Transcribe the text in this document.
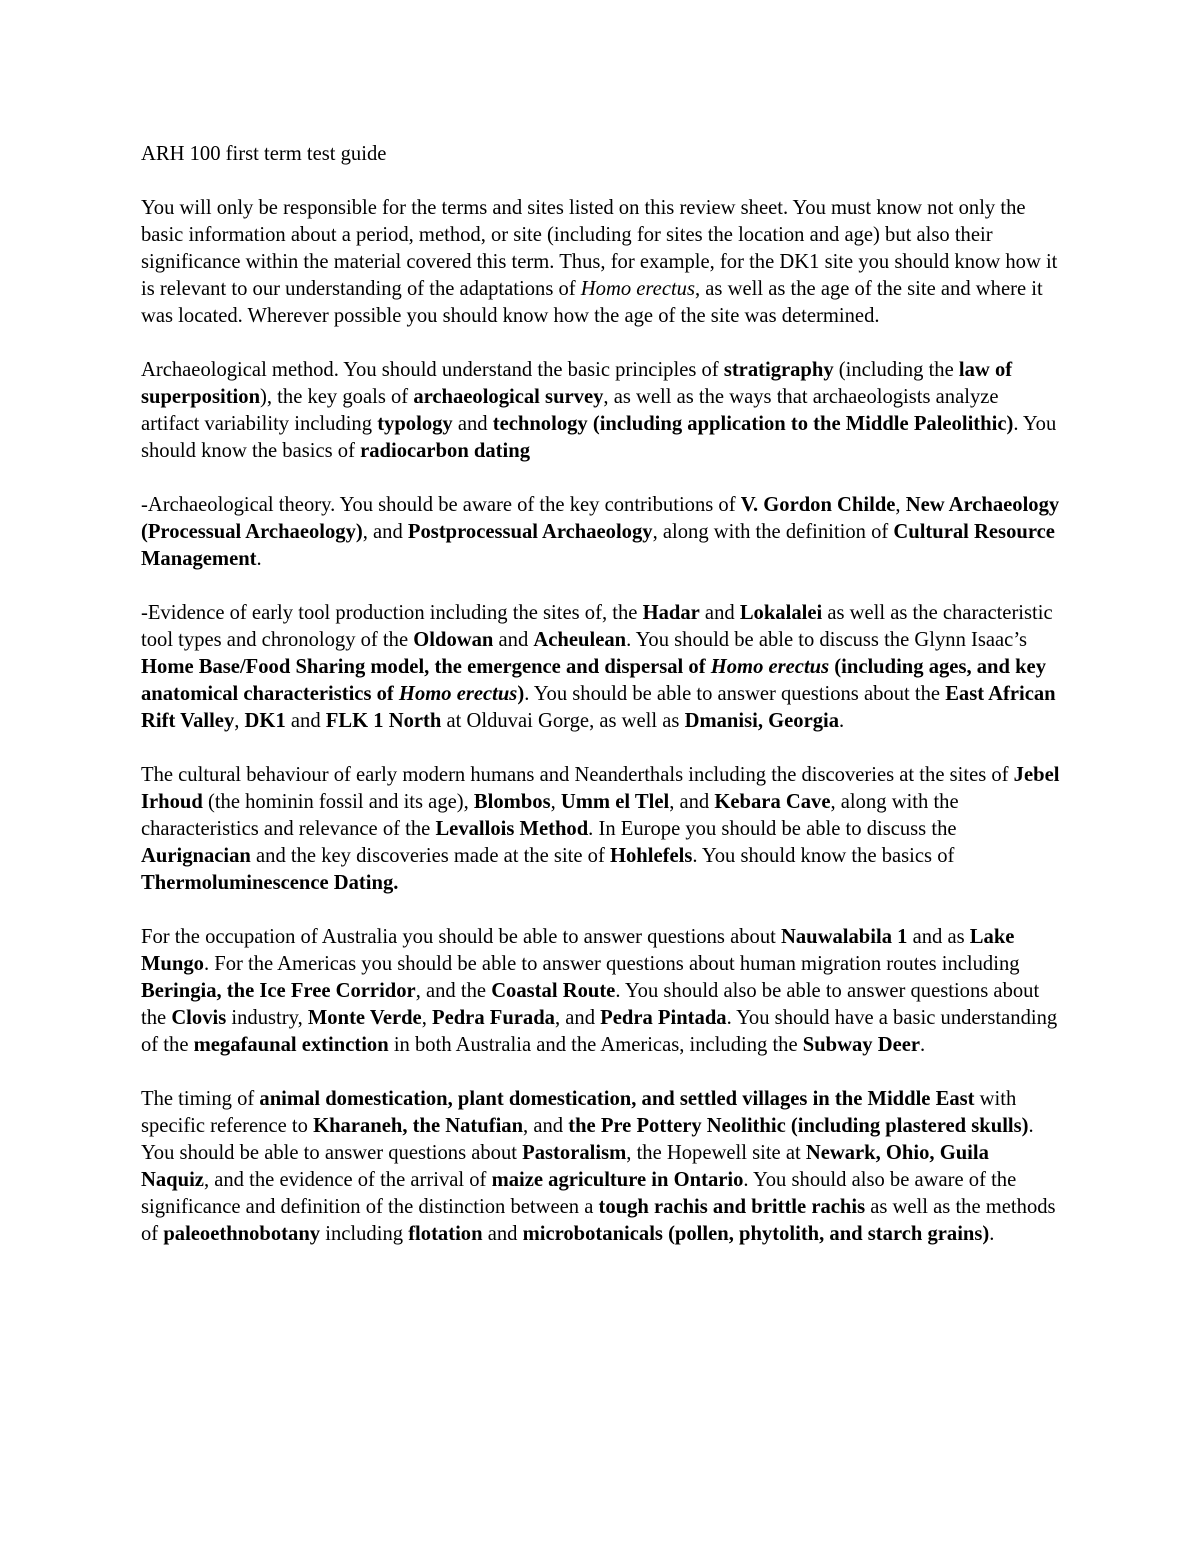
ARH 100 first term test guide

You will only be responsible for the terms and sites listed on this review sheet. You must know not only the basic information about a period, method, or site (including for sites the location and age) but also their significance within the material covered this term. Thus, for example, for the DK1 site you should know how it is relevant to our understanding of the adaptations of Homo erectus, as well as the age of the site and where it was located. Wherever possible you should know how the age of the site was determined.

Archaeological method. You should understand the basic principles of stratigraphy (including the law of superposition), the key goals of archaeological survey, as well as the ways that archaeologists analyze artifact variability including typology and technology (including application to the Middle Paleolithic). You should know the basics of radiocarbon dating

-Archaeological theory. You should be aware of the key contributions of V. Gordon Childe, New Archaeology (Processual Archaeology), and Postprocessual Archaeology, along with the definition of Cultural Resource Management.

-Evidence of early tool production including the sites of, the Hadar and Lokalalei as well as the characteristic tool types and chronology of the Oldowan and Acheulean. You should be able to discuss the Glynn Isaac’s Home Base/Food Sharing model, the emergence and dispersal of Homo erectus (including ages, and key anatomical characteristics of Homo erectus). You should be able to answer questions about the East African Rift Valley, DK1 and FLK 1 North at Olduvai Gorge, as well as Dmanisi, Georgia.

The cultural behaviour of early modern humans and Neanderthals including the discoveries at the sites of Jebel Irhoud (the hominin fossil and its age), Blombos, Umm el Tlel, and Kebara Cave, along with the characteristics and relevance of the Levallois Method. In Europe you should be able to discuss the Aurignacian and the key discoveries made at the site of Hohlefels. You should know the basics of Thermoluminescence Dating.

For the occupation of Australia you should be able to answer questions about Nauwalabila 1 and as Lake Mungo. For the Americas you should be able to answer questions about human migration routes including Beringia, the Ice Free Corridor, and the Coastal Route. You should also be able to answer questions about the Clovis industry, Monte Verde, Pedra Furada, and Pedra Pintada. You should have a basic understanding of the megafaunal extinction in both Australia and the Americas, including the Subway Deer.

The timing of animal domestication, plant domestication, and settled villages in the Middle East with specific reference to Kharaneh, the Natufian, and the Pre Pottery Neolithic (including plastered skulls). You should be able to answer questions about Pastoralism, the Hopewell site at Newark, Ohio, Guila Naquiz, and the evidence of the arrival of maize agriculture in Ontario. You should also be aware of the significance and definition of the distinction between a tough rachis and brittle rachis as well as the methods of paleoethnobotany including flotation and microbotanicals (pollen, phytolith, and starch grains).
